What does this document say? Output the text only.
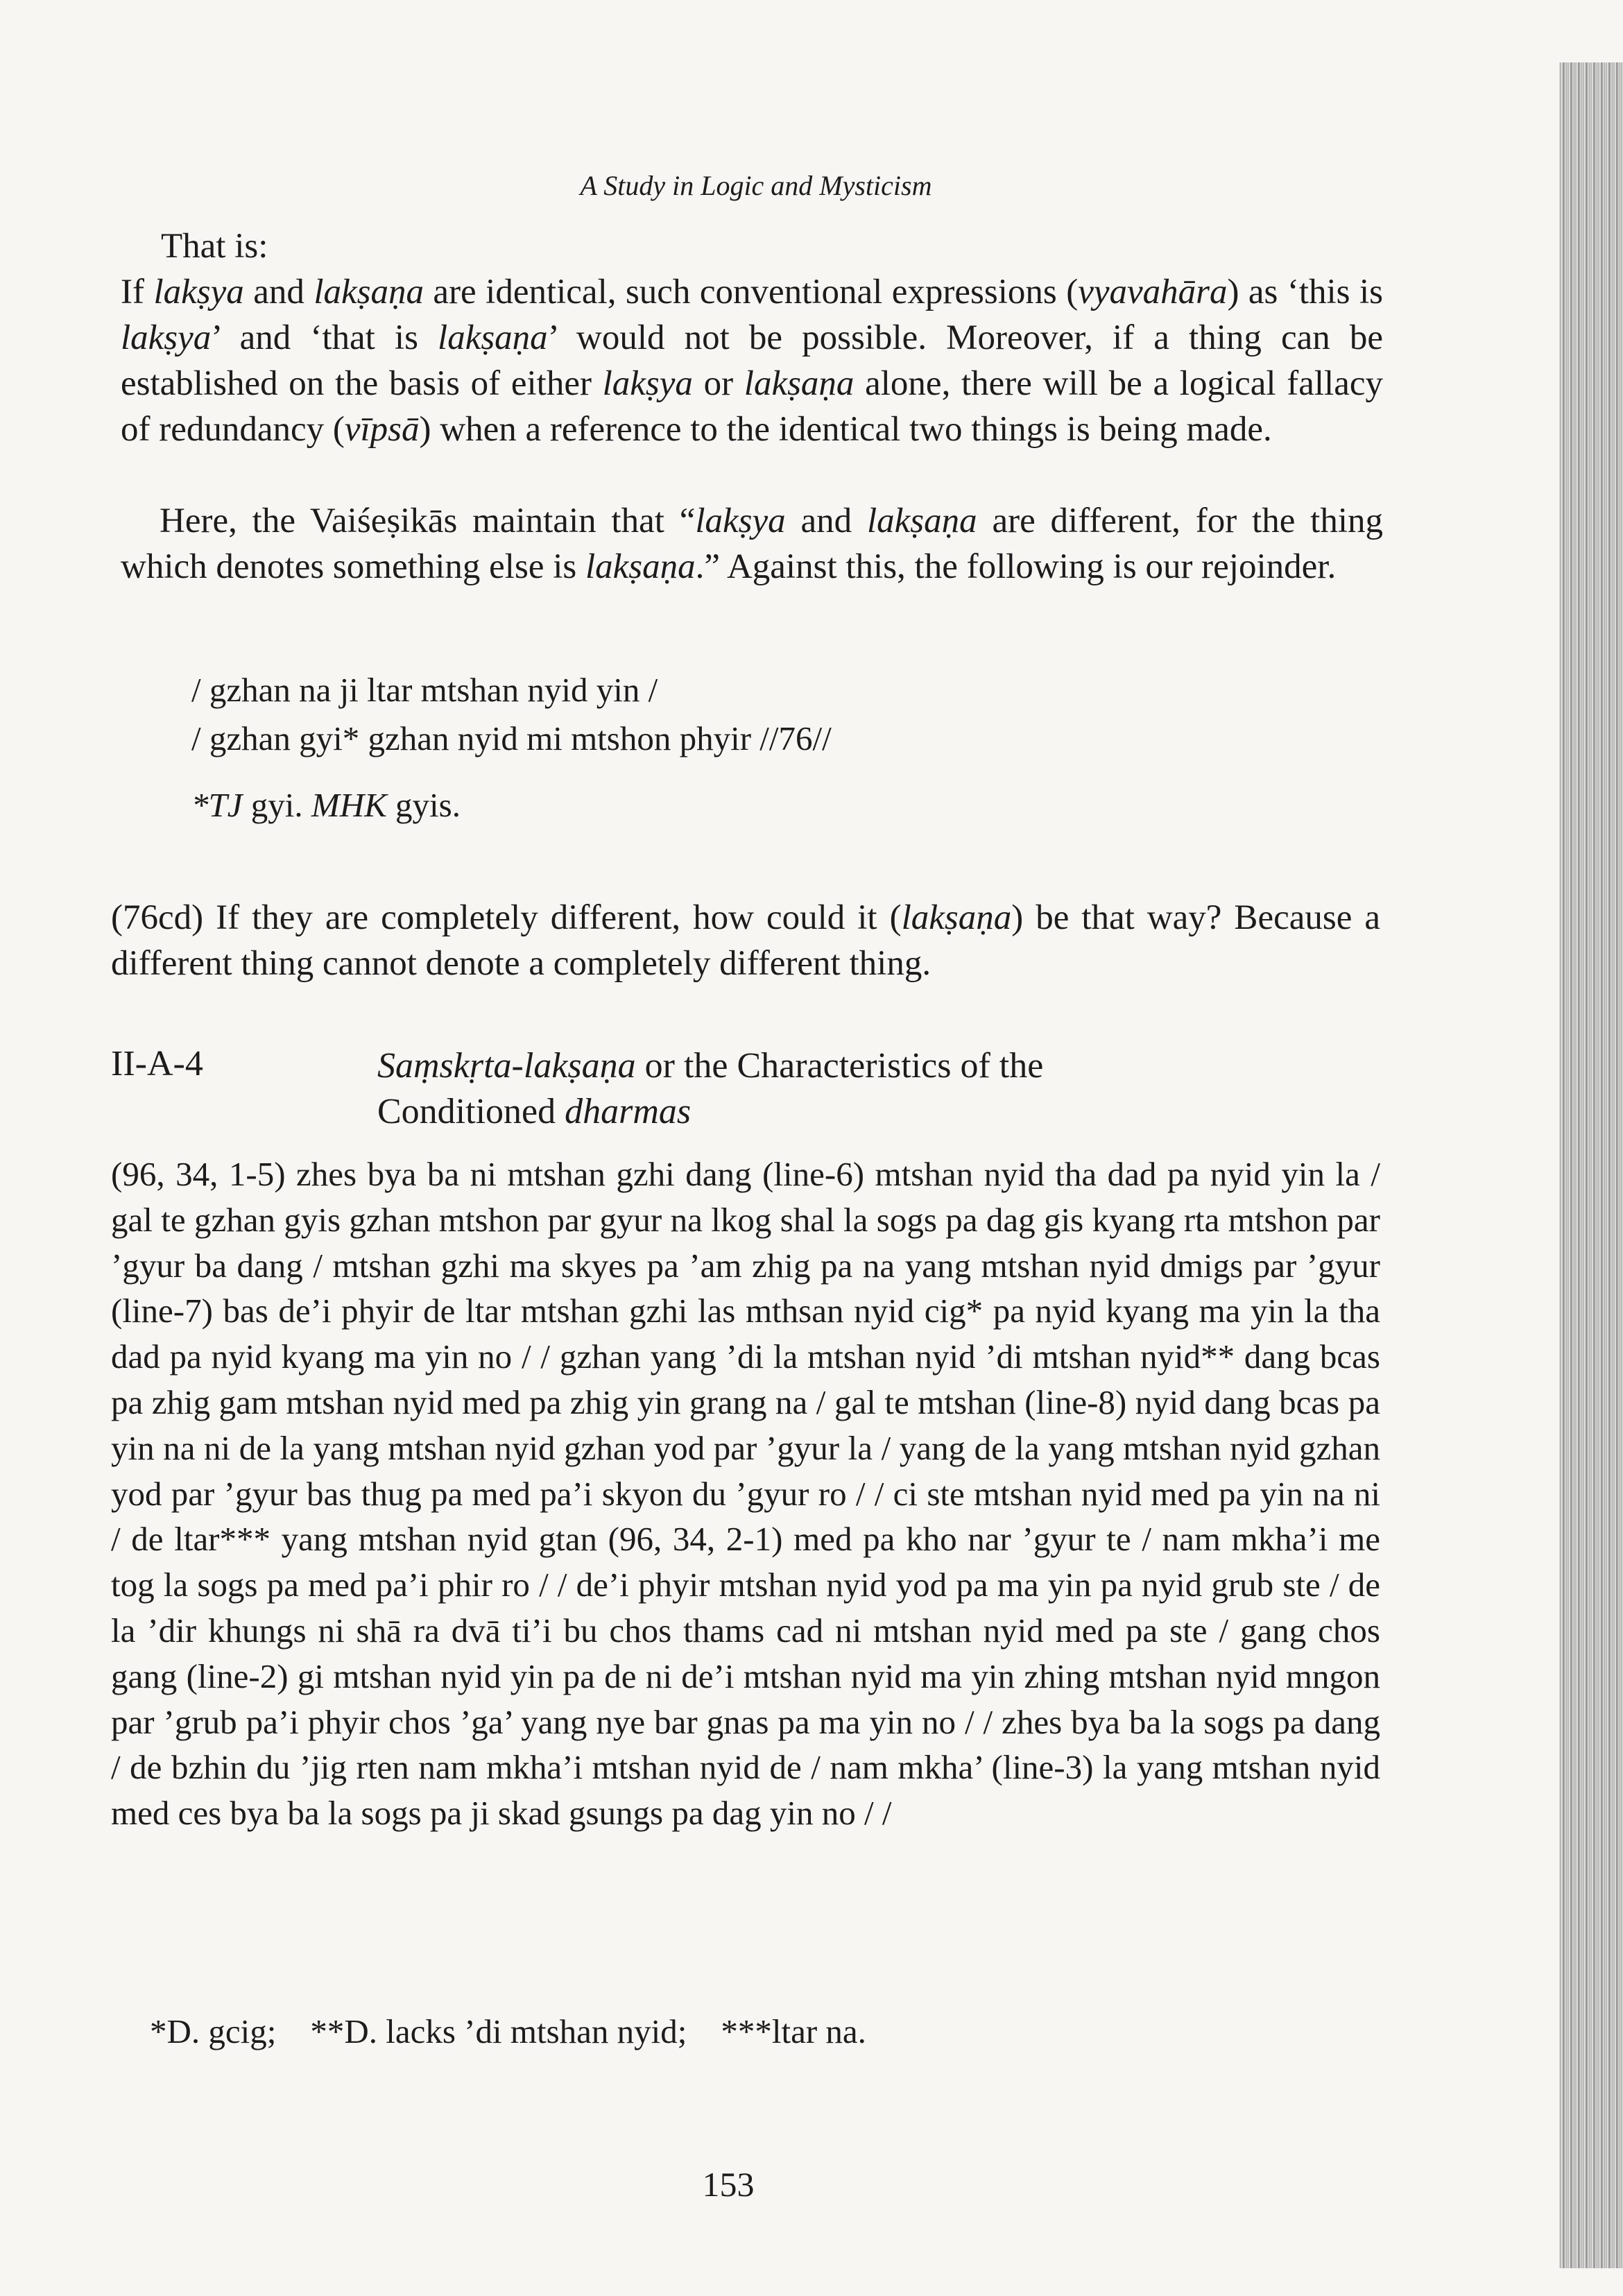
A Study in Logic and Mysticism
That is:

If lakṣya and lakṣaṇa are identical, such conventional expressions (vyavahāra) as ‘this is lakṣya’ and ‘that is lakṣaṇa’ would not be possible. Moreover, if a thing can be established on the basis of either lakṣya or lakṣaṇa alone, there will be a logical fallacy of redundancy (vīpsā) when a reference to the identical two things is being made.

Here, the Vaiśeṣikās maintain that “lakṣya and lakṣaṇa are different, for the thing which denotes something else is lakṣaṇa.” Against this, the following is our rejoinder.

/ gzhan na ji ltar mtshan nyid yin /
/ gzhan gyi* gzhan nyid mi mtshon phyir //76//
*TJ gyi. MHK gyis.

(76cd) If they are completely different, how could it (lakṣaṇa) be that way? Because a different thing cannot denote a completely different thing.

II-A-4	Saṃskṛta-lakṣaṇa or the Characteristics of the
Conditioned dharmas

(96, 34, 1-5) zhes bya ba ni mtshan gzhi dang (line-6) mtshan nyid tha dad pa nyid yin la / gal te gzhan gyis gzhan mtshon par gyur na lkog shal la sogs pa dag gis kyang rta mtshon par ’gyur ba dang / mtshan gzhi ma skyes pa ’am zhig pa na yang mtshan nyid dmigs par ’gyur (line-7) bas de’i phyir de ltar mtshan gzhi las mthsan nyid cig* pa nyid kyang ma yin la tha dad pa nyid kyang ma yin no / / gzhan yang ’di la mtshan nyid ’di mtshan nyid** dang bcas pa zhig gam mtshan nyid med pa zhig yin grang na / gal te mtshan (line-8) nyid dang bcas pa yin na ni de la yang mtshan nyid gzhan yod par ’gyur la / yang de la yang mtshan nyid gzhan yod par ’gyur bas thug pa med pa’i skyon du ’gyur ro / / ci ste mtshan nyid med pa yin na ni / de ltar*** yang mtshan nyid gtan (96, 34, 2-1) med pa kho nar ’gyur te / nam mkha’i me tog la sogs pa med pa’i phir ro / / de’i phyir mtshan nyid yod pa ma yin pa nyid grub ste / de la ’dir khungs ni shā ra dvā ti’i bu chos thams cad ni mtshan nyid med pa ste / gang chos gang (line-2) gi mtshan nyid yin pa de ni de’i mtshan nyid ma yin zhing mtshan nyid mngon par ’grub pa’i phyir chos ’ga’ yang nye bar gnas pa ma yin no / / zhes bya ba la sogs pa dang / de bzhin du ’jig rten nam mkha’i mtshan nyid de / nam mkha’ (line-3) la yang mtshan nyid med ces bya ba la sogs pa ji skad gsungs pa dag yin no / /

*D. gcig;    **D. lacks ’di mtshan nyid;    ***ltar na.
153
